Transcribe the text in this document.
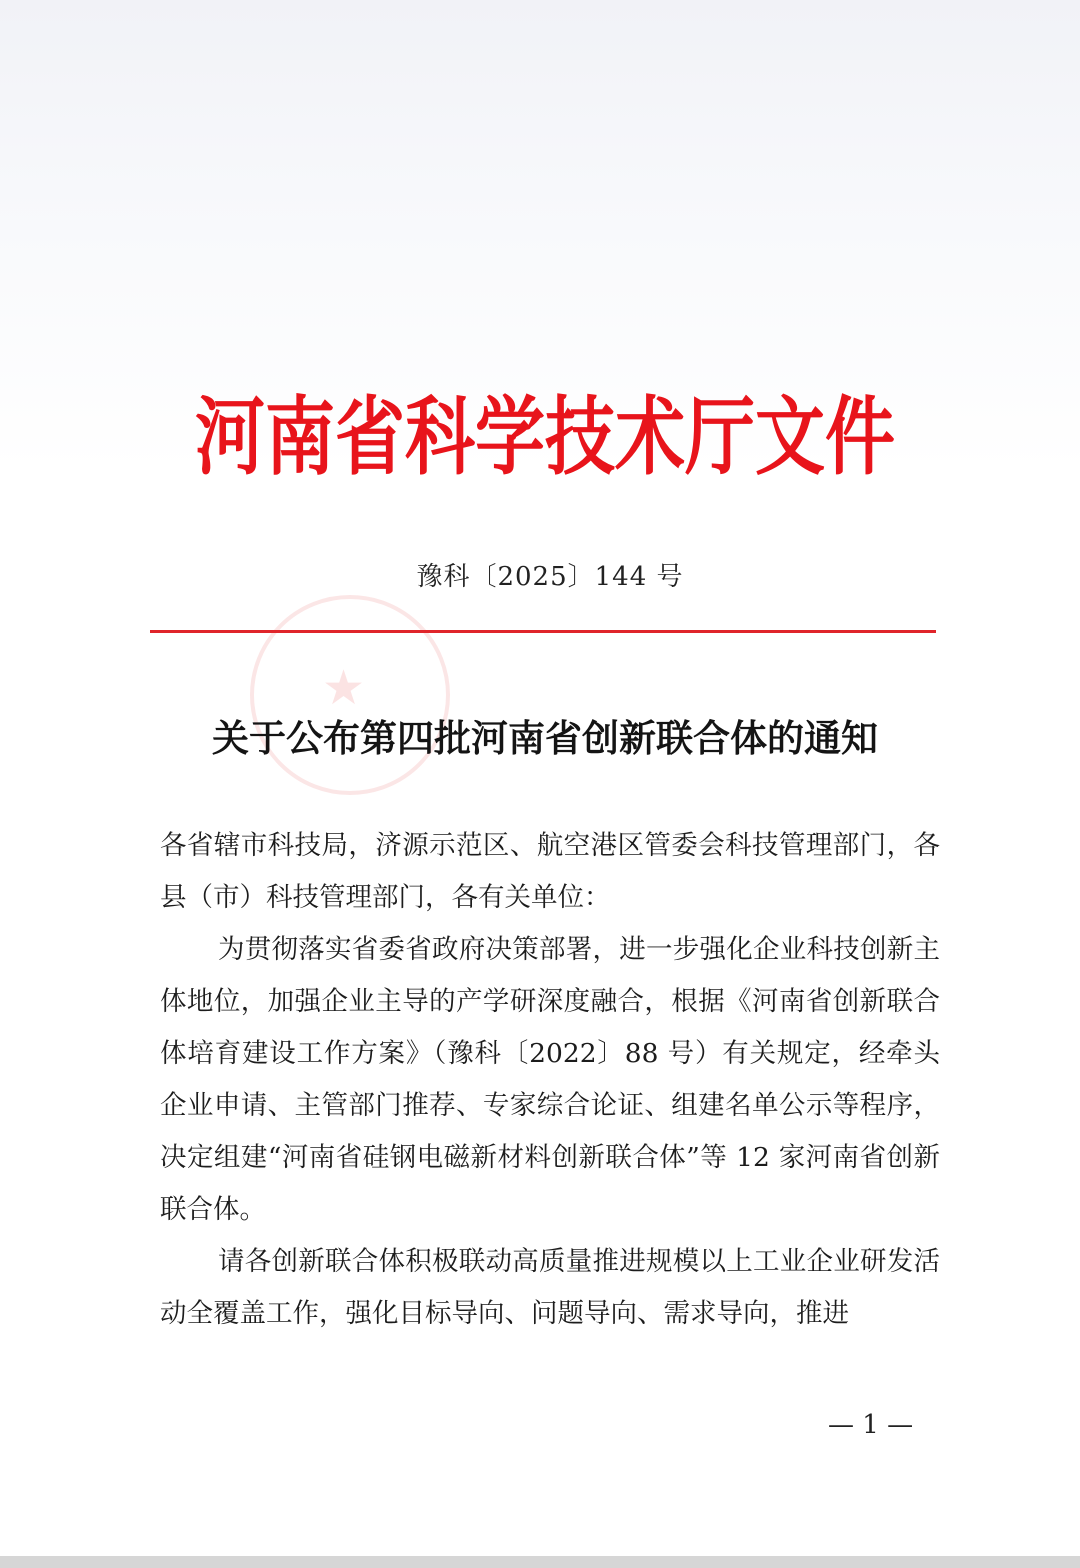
河南省科学技术厅文件
豫科〔2025〕144 号
★
关于公布第四批河南省创新联合体的通知

各省辖市科技局，济源示范区、航空港区管委会科技管理部门，各县（市）科技管理部门，各有关单位：

为贯彻落实省委省政府决策部署，进一步强化企业科技创新主体地位，加强企业主导的产学研深度融合，根据《河南省创新联合体培育建设工作方案》（豫科〔2022〕88 号）有关规定，经牵头企业申请、主管部门推荐、专家综合论证、组建名单公示等程序，决定组建“河南省硅钢电磁新材料创新联合体”等 12 家河南省创新联合体。

请各创新联合体积极联动高质量推进规模以上工业企业研发活动全覆盖工作，强化目标导向、问题导向、需求导向，推进

— 1 —
